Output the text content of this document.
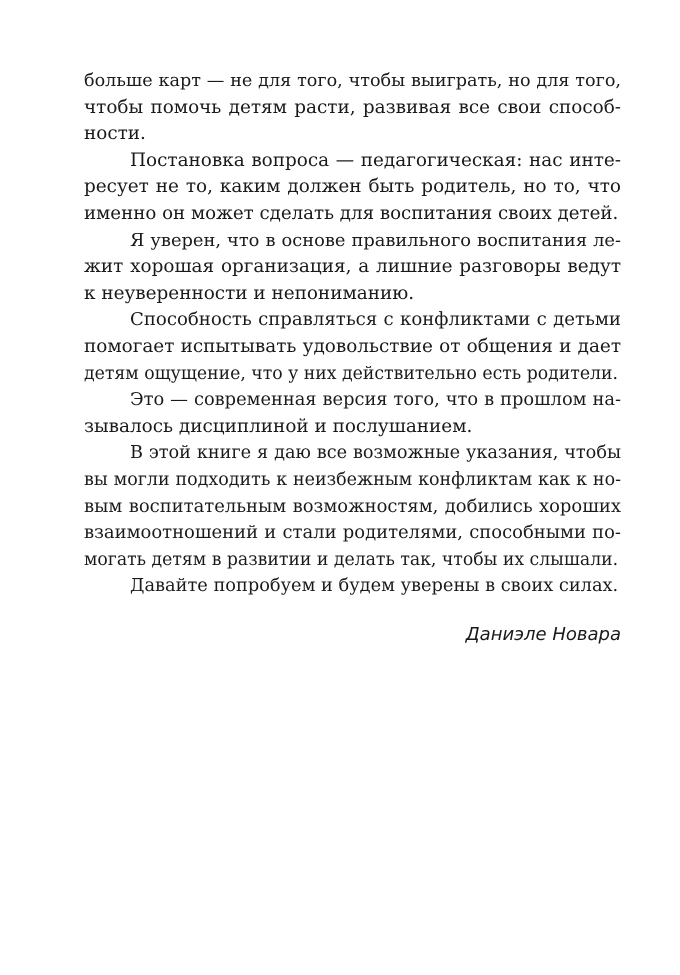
больше карт — не для того, чтобы выиграть, но для того,
чтобы помочь детям расти, развивая все свои способ-
ности.
Постановка вопроса — педагогическая: нас инте-
ресует не то, каким должен быть родитель, но то, что
именно он может сделать для воспитания своих детей.
Я уверен, что в основе правильного воспитания ле-
жит хорошая организация, а лишние разговоры ведут
к неуверенности и непониманию.
Способность справляться с конфликтами с детьми
помогает испытывать удовольствие от общения и дает
детям ощущение, что у них действительно есть родители.
Это — современная версия того, что в прошлом на-
зывалось дисциплиной и послушанием.
В этой книге я даю все возможные указания, чтобы
вы могли подходить к неизбежным конфликтам как к но-
вым воспитательным возможностям, добились хороших
взаимоотношений и стали родителями, способными по-
могать детям в развитии и делать так, чтобы их слышали.
Давайте попробуем и будем уверены в своих силах.
Даниэле Новара
